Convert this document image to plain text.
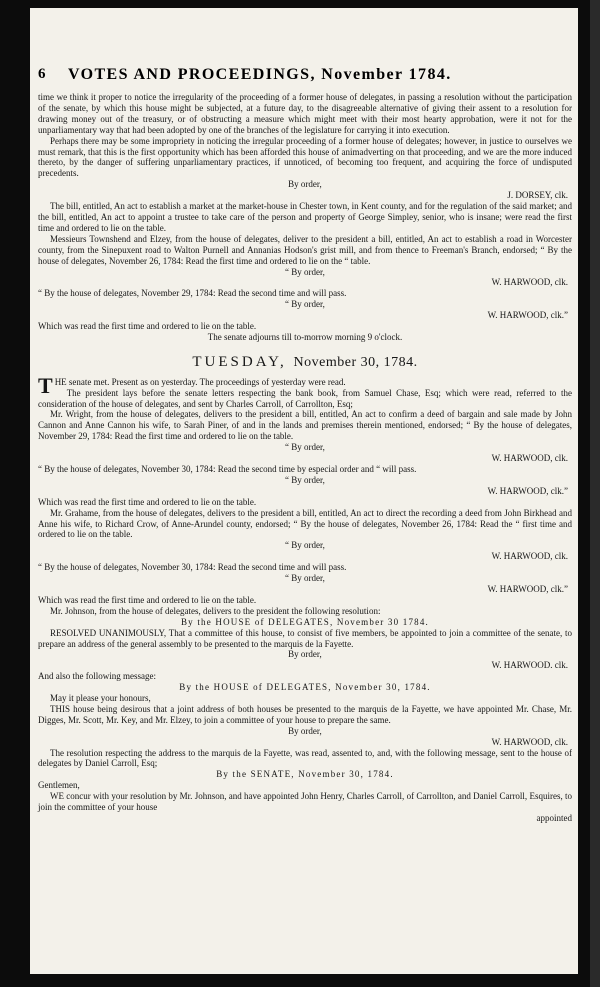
6 VOTES AND PROCEEDINGS, November 1784.

time we think it proper to notice the irregularity of the proceeding of a former house of delegates, in passing a resolution without the participation of the senate, by which this house might be subjected, at a future day, to the disagreeable alternative of giving their assent to a resolution for drawing money out of the treasury, or of obstructing a measure which might meet with their most hearty approbation, were it not for the unparliamentary way that had been adopted by one of the branches of the legislature for carrying it into execution.

Perhaps there may be some impropriety in noticing the irregular proceeding of a former house of delegates; however, in justice to ourselves we must remark, that this is the first opportunity which has been afforded this house of animadverting on that proceeding, and we are the more induced thereto, by the danger of suffering unparliamentary practices, if unnoticed, of becoming too frequent, and acquiring the force of undisputed precedents.

By order,

J. DORSEY, clk.

The bill, entitled, An act to establish a market at the market-house in Chester town, in Kent county, and for the regulation of the said market; and the bill, entitled, An act to appoint a trustee to take care of the person and property of George Simpley, senior, who is insane; were read the first time and ordered to lie on the table.

Messieurs Townshend and Elzey, from the house of delegates, deliver to the president a bill, entitled, An act to establish a road in Worcester county, from the Sinepuxent road to Walton Purnell and Annanias Hodson's grist mill, and from thence to Freeman's Branch, endorsed; “ By the house of delegates, November 26, 1784: Read the first time and ordered to lie on the “ table.

“ By order,

W. HARWOOD, clk.

“ By the house of delegates, November 29, 1784: Read the second time and will pass.

“ By order,

W. HARWOOD, clk.”

Which was read the first time and ordered to lie on the table.

The senate adjourns till to-morrow morning 9 o'clock.

TUESDAY, November 30, 1784.

THE senate met. Present as on yesterday. The proceedings of yesterday were read.

The president lays before the senate letters respecting the bank book, from Samuel Chase, Esq; which were read, referred to the consideration of the house of delegates, and sent by Charles Carroll, of Carrollton, Esq;

Mr. Wright, from the house of delegates, delivers to the president a bill, entitled, An act to confirm a deed of bargain and sale made by John Cannon and Anne Cannon his wife, to Sarah Piner, of and in the lands and premises therein mentioned, endorsed; “ By the house of delegates, November 29, 1784: Read the first time and ordered to lie on the table.

“ By order,

W. HARWOOD, clk.

“ By the house of delegates, November 30, 1784: Read the second time by especial order and “ will pass.

“ By order,

W. HARWOOD, clk.”

Which was read the first time and ordered to lie on the table.

Mr. Grahame, from the house of delegates, delivers to the president a bill, entitled, An act to direct the recording a deed from John Birkhead and Anne his wife, to Richard Crow, of Anne-Arundel county, endorsed; “ By the house of delegates, November 26, 1784: Read the “ first time and ordered to lie on the table.

“ By order,

W. HARWOOD, clk.

“ By the house of delegates, November 30, 1784: Read the second time and will pass.

“ By order,

W. HARWOOD, clk.”

Which was read the first time and ordered to lie on the table.

Mr. Johnson, from the house of delegates, delivers to the president the following resolution:

By the HOUSE of DELEGATES, November 30 1784.

RESOLVED UNANIMOUSLY, That a committee of this house, to consist of five members, be appointed to join a committee of the senate, to prepare an address of the general assembly to be presented to the marquis de la Fayette.

By order,

W. HARWOOD. clk.

And also the following message:

By the HOUSE of DELEGATES, November 30, 1784.

May it please your honours,

THIS house being desirous that a joint address of both houses be presented to the marquis de la Fayette, we have appointed Mr. Chase, Mr. Digges, Mr. Scott, Mr. Key, and Mr. Elzey, to join a committee of your house to prepare the same.

By order,

W. HARWOOD, clk.

The resolution respecting the address to the marquis de la Fayette, was read, assented to, and, with the following message, sent to the house of delegates by Daniel Carroll, Esq;

By the SENATE, November 30, 1784.

Gentlemen,

WE concur with your resolution by Mr. Johnson, and have appointed John Henry, Charles Carroll, of Carrollton, and Daniel Carroll, Esquires, to join the committee of your house

appointed
